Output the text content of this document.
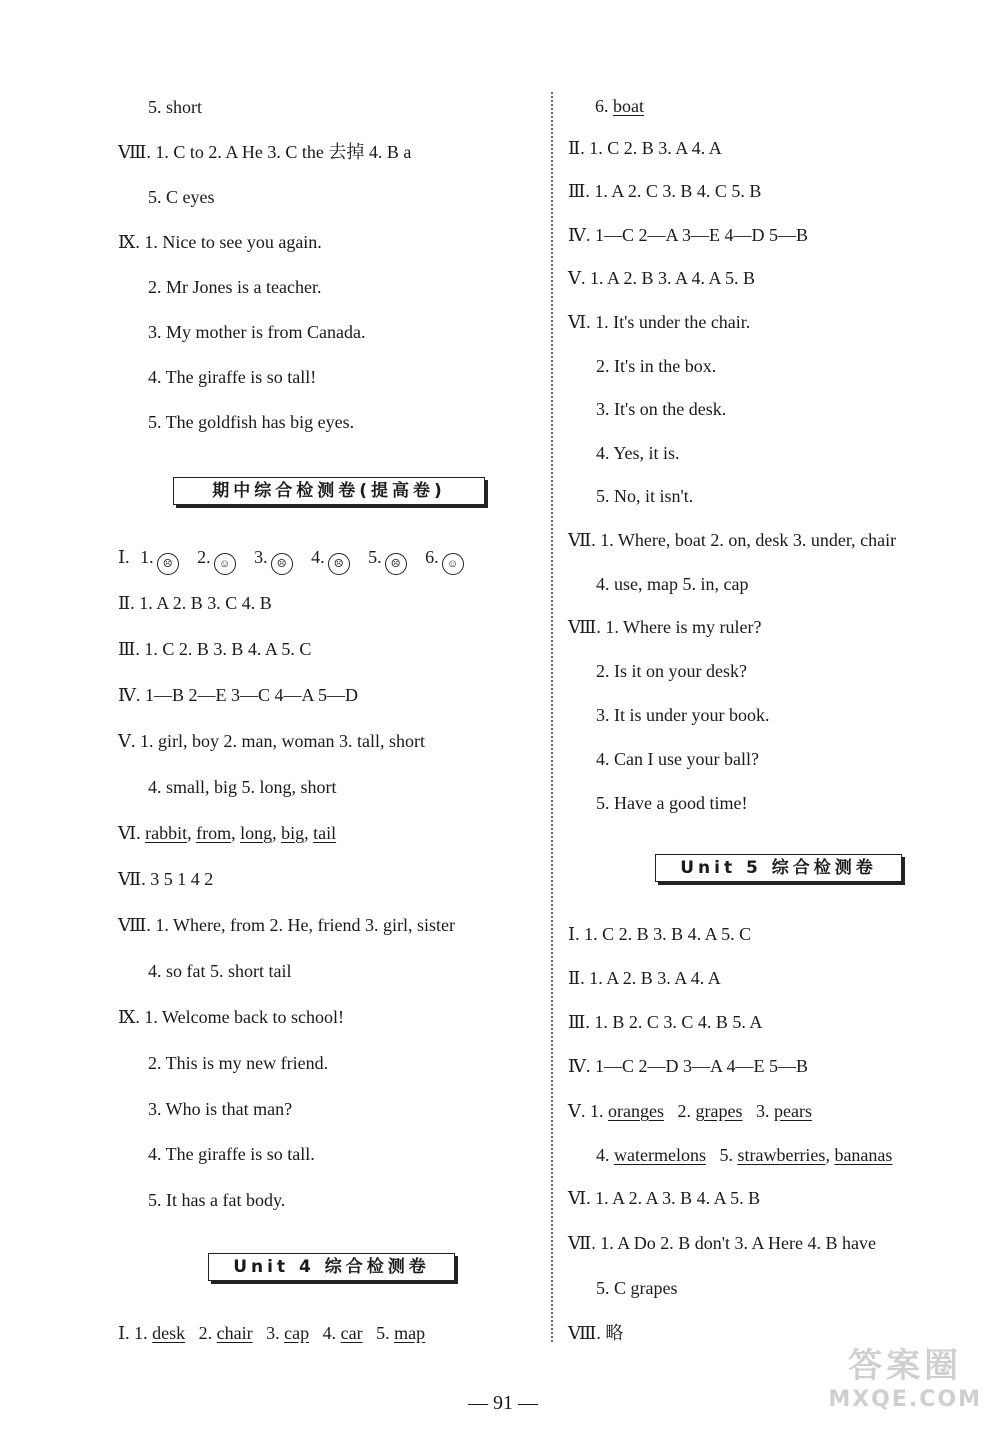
5. short
Ⅷ. 1. C to 2. A He 3. C the 去掉 4. B a
5. C eyes
Ⅸ. 1. Nice to see you again.
2. Mr Jones is a teacher.
3. My mother is from Canada.
4. The giraffe is so tall!
5. The goldfish has big eyes.
期中综合检测卷(提高卷)
Ⅰ. 1. ☹ 2. ☺ 3. ☹ 4. ☹ 5. ☹ 6. ☺
Ⅱ. 1. A 2. B 3. C 4. B
Ⅲ. 1. C 2. B 3. B 4. A 5. C
Ⅳ. 1—B 2—E 3—C 4—A 5—D
Ⅴ. 1. girl, boy 2. man, woman 3. tall, short
4. small, big 5. long, short
Ⅵ. rabbit, from, long, big, tail
Ⅶ. 3 5 1 4 2
Ⅷ. 1. Where, from 2. He, friend 3. girl, sister
4. so fat 5. short tail
Ⅸ. 1. Welcome back to school!
2. This is my new friend.
3. Who is that man?
4. The giraffe is so tall.
5. It has a fat body.
Unit 4 综合检测卷
Ⅰ. 1. desk 2. chair 3. cap 4. car 5. map
6. boat
Ⅱ. 1. C 2. B 3. A 4. A
Ⅲ. 1. A 2. C 3. B 4. C 5. B
Ⅳ. 1—C 2—A 3—E 4—D 5—B
Ⅴ. 1. A 2. B 3. A 4. A 5. B
Ⅵ. 1. It's under the chair.
2. It's in the box.
3. It's on the desk.
4. Yes, it is.
5. No, it isn't.
Ⅶ. 1. Where, boat 2. on, desk 3. under, chair
4. use, map 5. in, cap
Ⅷ. 1. Where is my ruler?
2. Is it on your desk?
3. It is under your book.
4. Can I use your ball?
5. Have a good time!
Unit 5 综合检测卷
Ⅰ. 1. C 2. B 3. B 4. A 5. C
Ⅱ. 1. A 2. B 3. A 4. A
Ⅲ. 1. B 2. C 3. C 4. B 5. A
Ⅳ. 1—C 2—D 3—A 4—E 5—B
Ⅴ. 1. oranges 2. grapes 3. pears
4. watermelons 5. strawberries, bananas
Ⅵ. 1. A 2. A 3. B 4. A 5. B
Ⅶ. 1. A Do 2. B don't 3. A Here 4. B have
5. C grapes
Ⅷ. 略
— 91 —
答案圈
MXQE.COM
